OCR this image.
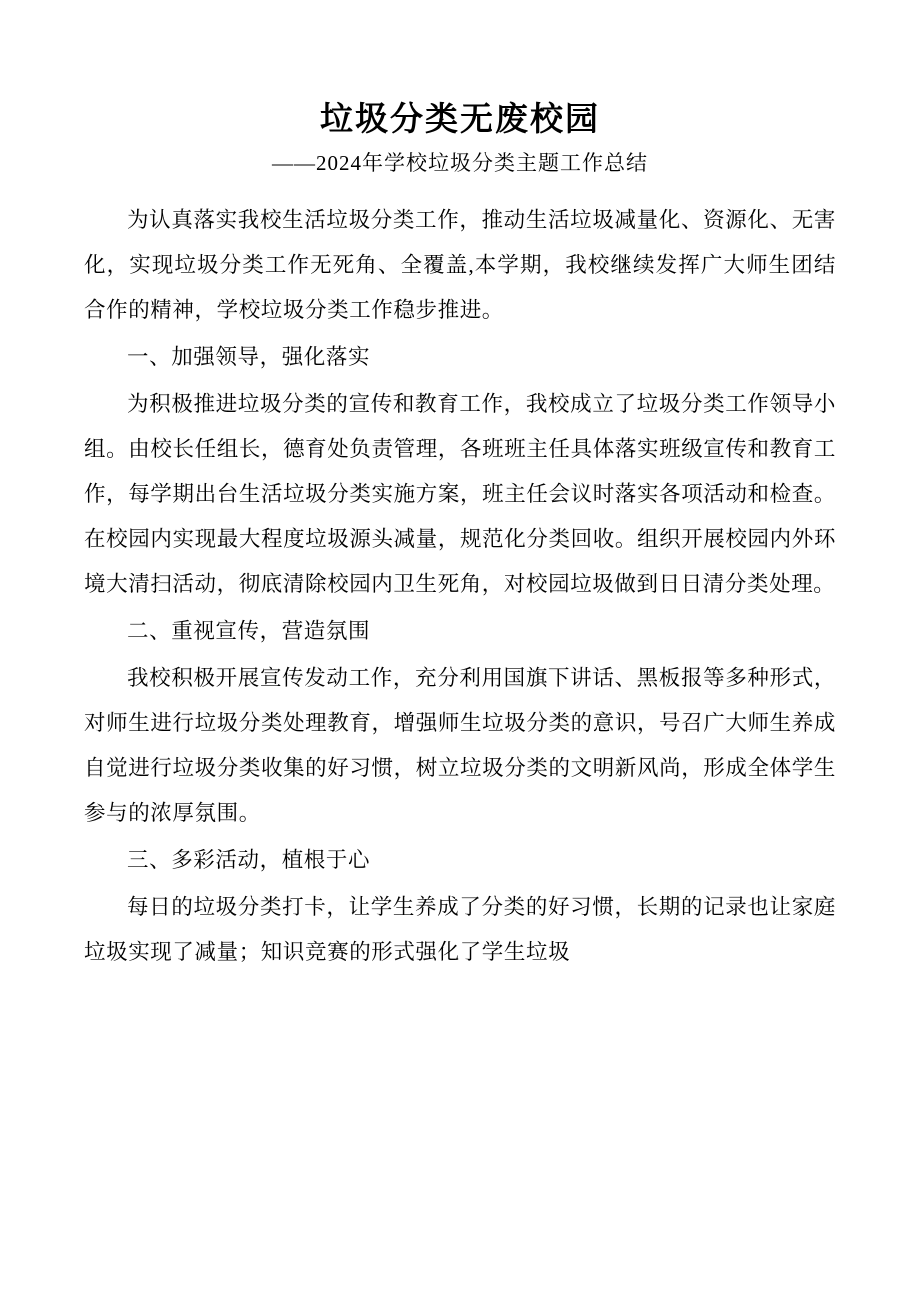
垃圾分类无废校园
——2024年学校垃圾分类主题工作总结

为认真落实我校生活垃圾分类工作，推动生活垃圾减量化、资源化、无害化，实现垃圾分类工作无死角、全覆盖,本学期，我校继续发挥广大师生团结合作的精神，学校垃圾分类工作稳步推进。

一、加强领导，强化落实

为积极推进垃圾分类的宣传和教育工作，我校成立了垃圾分类工作领导小组。由校长任组长，德育处负责管理，各班班主任具体落实班级宣传和教育工作，每学期出台生活垃圾分类实施方案，班主任会议时落实各项活动和检查。在校园内实现最大程度垃圾源头减量，规范化分类回收。组织开展校园内外环境大清扫活动，彻底清除校园内卫生死角，对校园垃圾做到日日清分类处理。

二、重视宣传，营造氛围

我校积极开展宣传发动工作，充分利用国旗下讲话、黑板报等多种形式，对师生进行垃圾分类处理教育，增强师生垃圾分类的意识，号召广大师生养成自觉进行垃圾分类收集的好习惯，树立垃圾分类的文明新风尚，形成全体学生参与的浓厚氛围。

三、多彩活动，植根于心

每日的垃圾分类打卡，让学生养成了分类的好习惯，长期的记录也让家庭垃圾实现了减量；知识竞赛的形式强化了学生垃圾
